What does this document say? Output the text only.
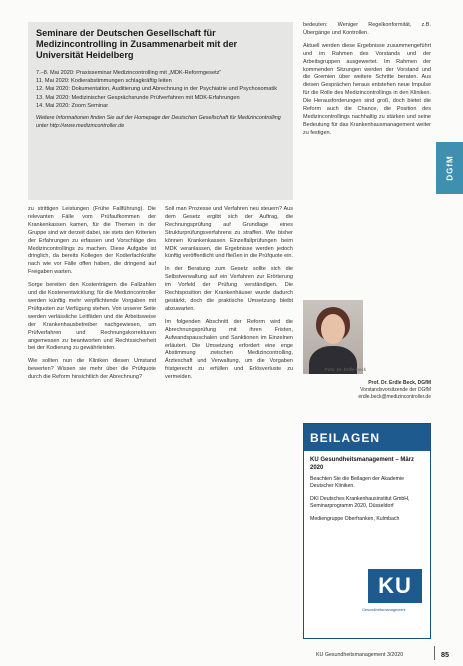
Seminare der Deutschen Gesellschaft für Medizincontrolling in Zusammenarbeit mit der Universität Heidelberg
7.–8. Mai 2020: Praxisseminar Medizincontrolling mit „MDK-Reformgesetz“
11. Mai 2020: Kodierabstimmungen schlagkräftig leiten
12. Mai 2020: Dokumentation, Auditierung und Abrechnung in der Psychiatrie und Psychosomatik
13. Mai 2020: Medizinischer Gesprächsrunde Prüfverfahren mit MDK-Erfahrungen
14. Mai 2020: Zoom Seminar
Weitere Informationen finden Sie auf der Homepage der Deutschen Gesellschaft für Medizincontrolling unter http://www.medizincontroller.de

zu strittigen Leistungen (Frühe Fallführung). Die relevanten Fälle vom Prüfaufkommen der Krankenkassen kamen, für die Themen in der Gruppe sind wir derzeit dabei, sie stets den Kriterien der Erfahrungen zu erfassen und Vorschläge des Medizincontrollings zu machen. Diese Aufgabe ist dringlich, da bereits Kollegen der Kodierfachkräfte nach wie vor Fälle offen haben, die dringend auf Freigaben warten.

Sorge bereiten den Kostenträgern die Fallzahlen und die Kostenentwicklung; für die Medizincontroller werden künftig mehr verpflichtende Vorgaben mit Prüfquoten zur Verfügung stehen. Von unserer Seite werden verlässliche Leitfäden und die Arbeitsweise der Krankenhausbetreiber nachgewiesen, um Prüfverfahren und Rechnungskorrekturen angemessen zu beantworten und Rechtssicherheit bei der Kodierung zu gewährleisten.

Wie sollten nun die Kliniken diesen Umstand bewerten? Wissen sie mehr über die Prüfquote durch die Reform hinsichtlich der Abrechnung?

Soll man Prozesse und Verfahren neu steuern? Aus dem Gesetz ergibt sich der Auftrag, die Rechnungsprüfung auf Grundlage eines Strukturprüfungsverfahrens zu straffen. Wie bisher können Krankenkassen Einzelfallprüfungen beim MDK veranlassen, die Ergebnisse werden jedoch künftig veröffentlicht und fließen in die Prüfquote ein.

In der Beratung zum Gesetz sollte sich die Selbstverwaltung auf ein Verfahren zur Erörterung im Vorfeld der Prüfung verständigen. Die Rechtsposition der Krankenhäuser wurde dadurch gestärkt, doch die praktische Umsetzung bleibt abzuwarten.

Im folgenden Abschnitt der Reform wird die Abrechnungsprüfung mit ihren Fristen, Aufwandspauschalen und Sanktionen im Einzelnen erläutert. Die Umsetzung erfordert eine enge Abstimmung zwischen Medizincontrolling, Ärzteschaft und Verwaltung, um die Vorgaben fristgerecht zu erfüllen und Erlösverluste zu vermeiden.

bedeuten: Weniger Regelkonformität, z.B. Übergänge und Kontrollen.

Aktuell werden diese Ergebnisse zusammengeführt und im Rahmen des Vorstands und der Arbeitsgruppen ausgewertet. Im Rahmen der kommenden Sitzungen werden der Vorstand und die Gremien über weitere Schritte beraten. Aus diesen Gesprächen heraus entstehen neue Impulse für die Rolle des Medizincontrollings in den Kliniken. Die Herausforderungen sind groß, doch bietet die Reform auch die Chance, die Position des Medizincontrollings nachhaltig zu stärken und seine Bedeutung für das Krankenhausmanagement weiter zu festigen.

DGfM
Foto: Dr. Erdle Beck
Prof. Dr. Erdle Beck, DGfM
Vorstandsvorsitzende der DGfM
erdle.beck@medizincontroller.de
BEILAGEN
KU Gesundheitsmanagement – März 2020

Beachten Sie die Beilagen der Akademie Deutscher Kliniken.

DKI Deutsches Krankenhausinstitut GmbH, Seminarprogramm 2020, Düsseldorf

Mediengruppe Oberfranken, Kulmbach

KU
Gesundheitsmanagement
KU Gesundheitsmanagement 3/2020	85
